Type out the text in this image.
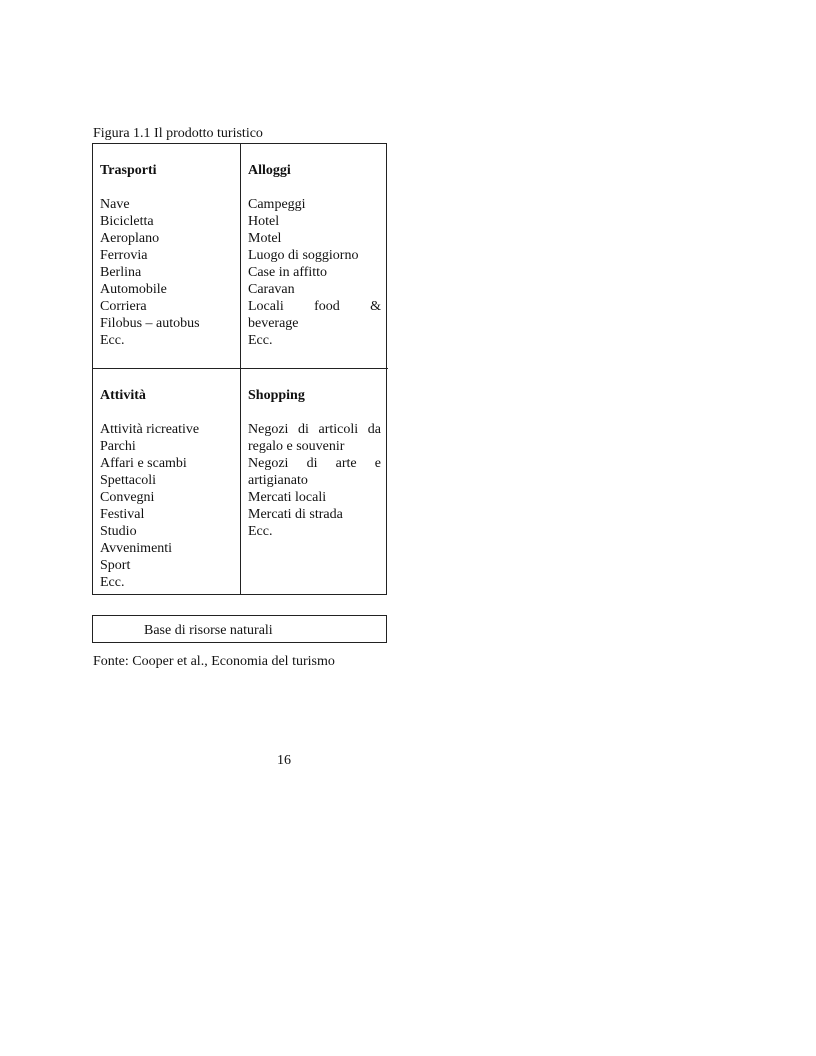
Figura 1.1 Il prodotto turistico

Trasporti
Nave
Bicicletta
Aeroplano
Ferrovia
Berlina
Automobile
Corriera
Filobus – autobus
Ecc.
Alloggi
Campeggi
Hotel
Motel
Luogo di soggiorno
Case in affitto
Caravan
Locali food & beverage
Ecc.
Attività
Attività ricreative
Parchi
Affari e scambi
Spettacoli
Convegni
Festival
Studio
Avvenimenti
Sport
Ecc.
Shopping
Negozi di articoli da regalo e souvenir
Negozi di arte e artigianato
Mercati locali
Mercati di strada
Ecc.
Base di risorse naturali

Fonte: Cooper et al., Economia del turismo

16
